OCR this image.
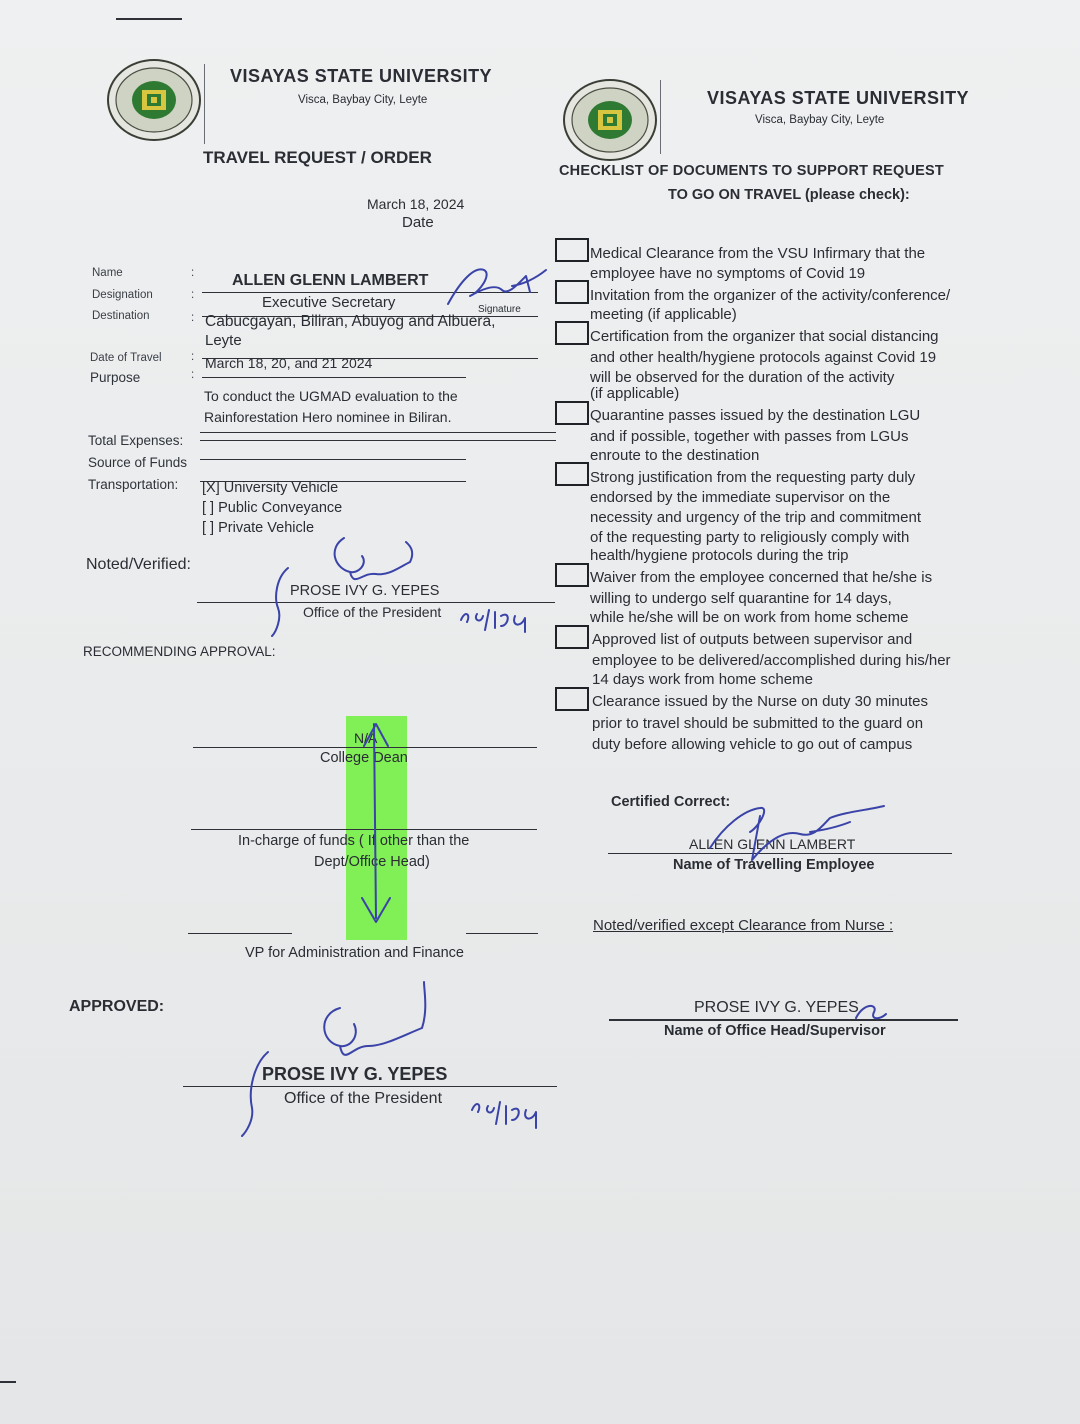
VISAYAS STATE UNIVERSITY
Visca, Baybay City, Leyte
TRAVEL REQUEST / ORDER
March 18, 2024
Date
Name	: ALLEN GLENN LAMBERT
Designation	:	Executive Secretary	Signature
Destination	: Cabucgayan, Biliran, Abuyog and Albuera,
Leyte
Date of Travel	: March 18, 20, and 21 2024
Purpose	:
To conduct the UGMAD evaluation to the
Rainforestation Hero nominee in Biliran.
Total Expenses:
Source of Funds
Transportation: [X] University Vehicle
[ ] Public Conveyance
[ ] Private Vehicle
Noted/Verified:
PROSE IVY G. YEPES
Office of the President
RECOMMENDING APPROVAL:
N/A
College Dean
In-charge of funds ( If other than the
Dept/Office Head)
VP for Administration and Finance
APPROVED:
PROSE IVY G. YEPES
Office of the President
VISAYAS STATE UNIVERSITY
Visca, Baybay City, Leyte
CHECKLIST OF DOCUMENTS TO SUPPORT REQUEST
TO GO ON TRAVEL (please check):
Medical Clearance from the VSU Infirmary that the
employee have no symptoms of Covid 19
Invitation from the organizer of the activity/conference/
meeting (if applicable)
Certification from the organizer that social distancing
and other health/hygiene protocols against Covid 19
will be observed for the duration of the activity
(if applicable)
Quarantine passes issued by the destination LGU
and if possible, together with passes from LGUs
enroute to the destination
Strong justification from the requesting party duly
endorsed by the immediate supervisor on the
necessity and urgency of the trip and commitment
of the requesting party to religiously comply with
health/hygiene protocols during the trip
Waiver from the employee concerned that he/she is
willing to undergo self quarantine for 14 days,
while he/she will be on work from home scheme
Approved list of outputs between supervisor and
employee to be delivered/accomplished during his/her
14 days work from home scheme
Clearance issued by the Nurse on duty 30 minutes
prior to travel should be submitted to the guard on
duty before allowing vehicle to go out of campus
Certified Correct:
ALLEN GLENN LAMBERT
Name of Travelling Employee
Noted/verified except Clearance from Nurse :
PROSE IVY G. YEPES
Name of Office Head/Supervisor
